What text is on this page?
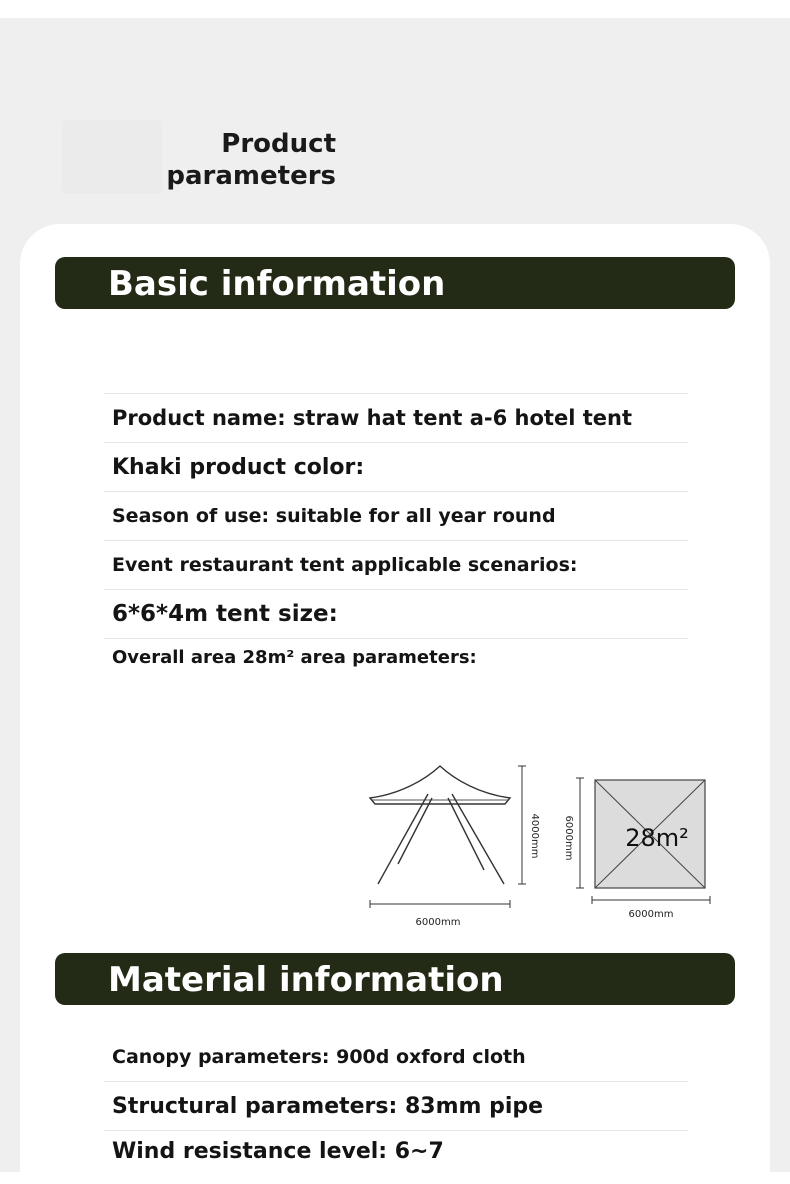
Product
parameters
Basic information
Product name: straw hat tent a-6 hotel tent
Khaki product color:
Season of use: suitable for all year round
Event restaurant tent applicable scenarios:
6*6*4m tent size:
Overall area 28m² area parameters:
6000mm
4000mm 6000mm 28m²
6000mm
Material information
Canopy parameters: 900d oxford cloth
Structural parameters: 83mm pipe
Wind resistance level: 6~7
